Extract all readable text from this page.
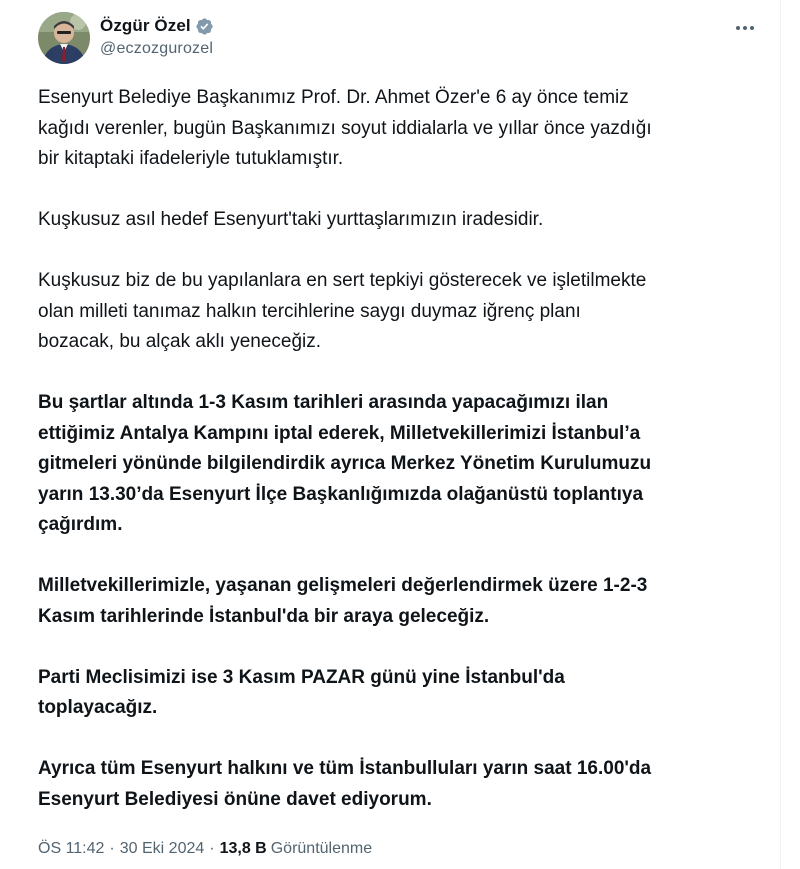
Özgür Özel
@eczozgurozel

Esenyurt Belediye Başkanımız Prof. Dr. Ahmet Özer'e 6 ay önce temiz
kağıdı verenler, bugün Başkanımızı soyut iddialarla ve yıllar önce yazdığı
bir kitaptaki ifadeleriyle tutuklamıştır.

Kuşkusuz asıl hedef Esenyurt'taki yurttaşlarımızın iradesidir.

Kuşkusuz biz de bu yapılanlara en sert tepkiyi gösterecek ve işletilmekte
olan milleti tanımaz halkın tercihlerine saygı duymaz iğrenç planı
bozacak, bu alçak aklı yeneceğiz.

Bu şartlar altında 1-3 Kasım tarihleri arasında yapacağımızı ilan
ettiğimiz Antalya Kampını iptal ederek, Milletvekillerimizi İstanbul’a
gitmeleri yönünde bilgilendirdik ayrıca Merkez Yönetim Kurulumuzu
yarın 13.30’da Esenyurt İlçe Başkanlığımızda olağanüstü toplantıya
çağırdım.

Milletvekillerimizle, yaşanan gelişmeleri değerlendirmek üzere 1-2-3
Kasım tarihlerinde İstanbul'da bir araya geleceğiz.

Parti Meclisimizi ise 3 Kasım PAZAR günü yine İstanbul'da
toplayacağız.

Ayrıca tüm Esenyurt halkını ve tüm İstanbulluları yarın saat 16.00'da
Esenyurt Belediyesi önüne davet ediyorum.

ÖS 11:42 · 30 Eki 2024 · 13,8 B Görüntülenme
